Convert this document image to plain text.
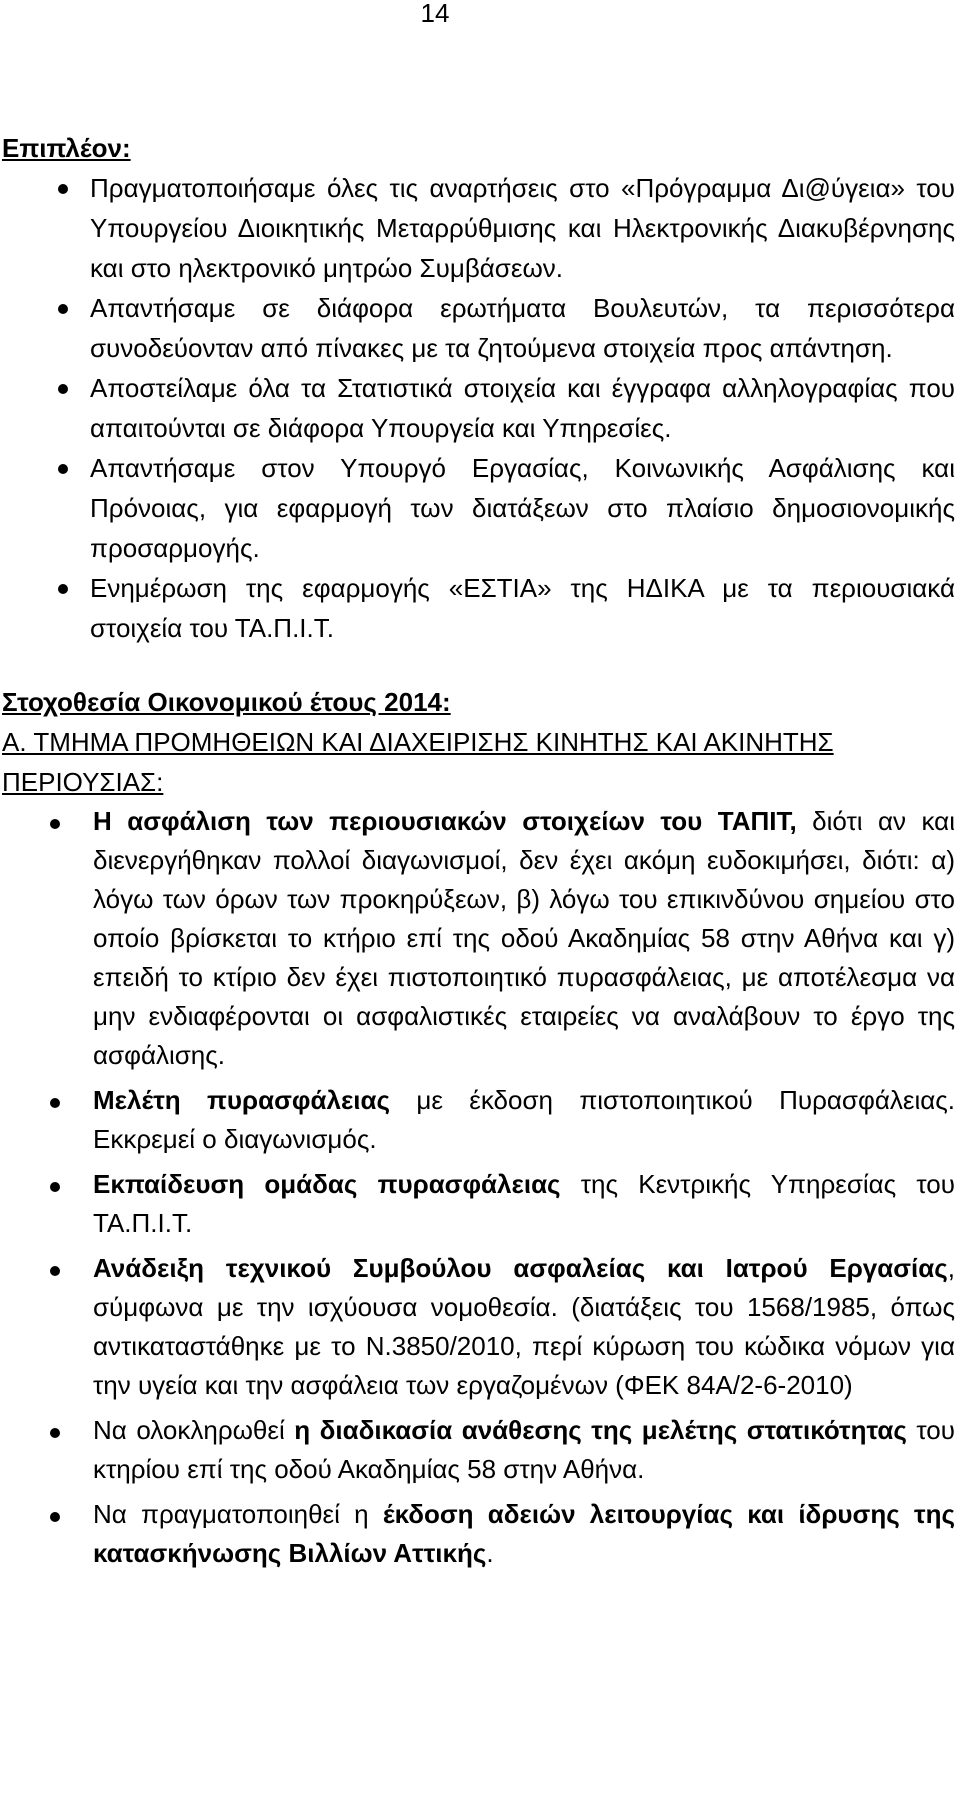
14

Επιπλέον:

Πραγματοποιήσαμε όλες τις αναρτήσεις στο «Πρόγραμμα Δι@ύγεια» του Υπουργείου Διοικητικής Μεταρρύθμισης και Ηλεκτρονικής Διακυβέρνησης και στο ηλεκτρονικό μητρώο Συμβάσεων.
Απαντήσαμε σε διάφορα ερωτήματα Βουλευτών, τα περισσότερα συνοδεύονταν από πίνακες με τα ζητούμενα στοιχεία προς απάντηση.
Αποστείλαμε όλα τα Στατιστικά στοιχεία και έγγραφα αλληλογραφίας που απαιτούνται σε διάφορα Υπουργεία και Υπηρεσίες.
Απαντήσαμε στον Υπουργό Εργασίας, Κοινωνικής Ασφάλισης και Πρόνοιας, για εφαρμογή των διατάξεων στο πλαίσιο δημοσιονομικής προσαρμογής.
Ενημέρωση της εφαρμογής «ΕΣΤΙΑ» της ΗΔΙΚΑ με τα περιουσιακά στοιχεία του ΤΑ.Π.Ι.Τ.

Στοχοθεσία Οικονομικού έτους 2014:

Α. ΤΜΗΜΑ ΠΡΟΜΗΘΕΙΩΝ ΚΑΙ ΔΙΑΧΕΙΡΙΣΗΣ ΚΙΝΗΤΗΣ ΚΑΙ ΑΚΙΝΗΤΗΣ ΠΕΡΙΟΥΣΙΑΣ:

Η ασφάλιση των περιουσιακών στοιχείων του ΤΑΠΙΤ, διότι αν και διενεργήθηκαν πολλοί διαγωνισμοί, δεν έχει ακόμη ευδοκιμήσει, διότι: α) λόγω των όρων των προκηρύξεων, β) λόγω του επικινδύνου σημείου στο οποίο βρίσκεται το κτήριο επί της οδού Ακαδημίας 58 στην Αθήνα και γ) επειδή το κτίριο δεν έχει πιστοποιητικό πυρασφάλειας, με αποτέλεσμα να μην ενδιαφέρονται οι ασφαλιστικές εταιρείες να αναλάβουν το έργο της ασφάλισης.
Μελέτη πυρασφάλειας με έκδοση πιστοποιητικού Πυρασφάλειας. Εκκρεμεί ο διαγωνισμός.
Εκπαίδευση ομάδας πυρασφάλειας της Κεντρικής Υπηρεσίας του ΤΑ.Π.Ι.Τ.
Ανάδειξη τεχνικού Συμβούλου ασφαλείας και Ιατρού Εργασίας, σύμφωνα με την ισχύουσα νομοθεσία. (διατάξεις του 1568/1985, όπως αντικαταστάθηκε με το Ν.3850/2010, περί κύρωση του κώδικα νόμων για την υγεία και την ασφάλεια των εργαζομένων (ΦΕΚ 84Α/2-6-2010)
Να ολοκληρωθεί η διαδικασία ανάθεσης της μελέτης στατικότητας του κτηρίου επί της οδού Ακαδημίας 58 στην Αθήνα.
Να πραγματοποιηθεί η έκδοση αδειών λειτουργίας και ίδρυσης της κατασκήνωσης Βιλλίων Αττικής.
